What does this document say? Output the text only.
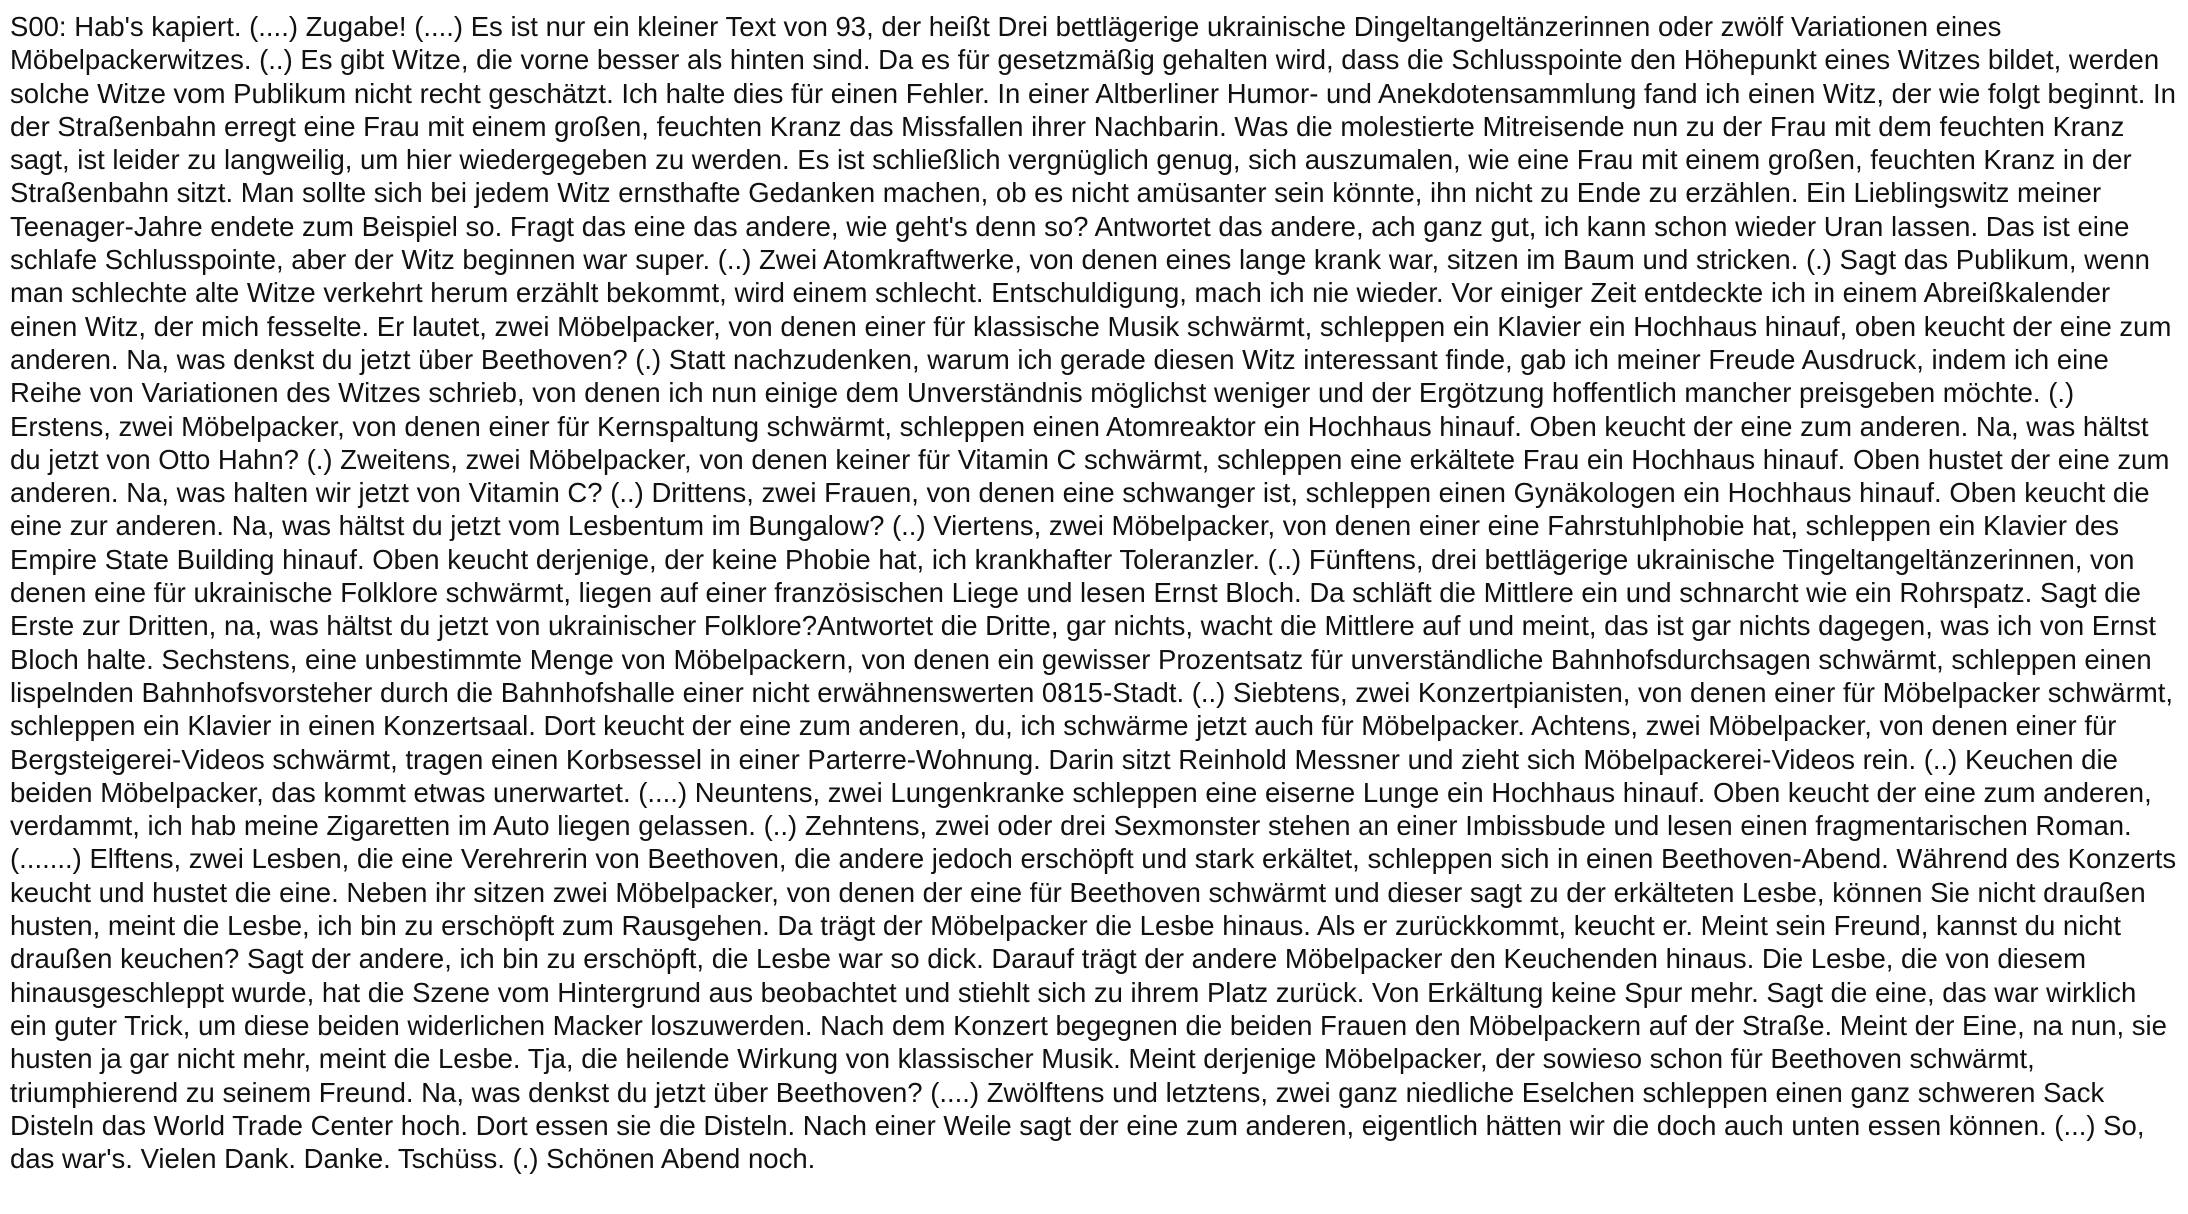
S00: Hab's kapiert. (....) Zugabe! (....) Es ist nur ein kleiner Text von 93, der heißt Drei bettlägerige ukrainische Dingeltangeltänzerinnen oder zwölf Variationen eines Möbelpackerwitzes. (..) Es gibt Witze, die vorne besser als hinten sind. Da es für gesetzmäßig gehalten wird, dass die Schlusspointe den Höhepunkt eines Witzes bildet, werden solche Witze vom Publikum nicht recht geschätzt. Ich halte dies für einen Fehler. In einer Altberliner Humor- und Anekdotensammlung fand ich einen Witz, der wie folgt beginnt. In der Straßenbahn erregt eine Frau mit einem großen, feuchten Kranz das Missfallen ihrer Nachbarin. Was die molestierte Mitreisende nun zu der Frau mit dem feuchten Kranz sagt, ist leider zu langweilig, um hier wiedergegeben zu werden. Es ist schließlich vergnüglich genug, sich auszumalen, wie eine Frau mit einem großen, feuchten Kranz in der Straßenbahn sitzt. Man sollte sich bei jedem Witz ernsthafte Gedanken machen, ob es nicht amüsanter sein könnte, ihn nicht zu Ende zu erzählen. Ein Lieblingswitz meiner Teenager-Jahre endete zum Beispiel so. Fragt das eine das andere, wie geht's denn so? Antwortet das andere, ach ganz gut, ich kann schon wieder Uran lassen. Das ist eine schlafe Schlusspointe, aber der Witz beginnen war super. (..) Zwei Atomkraftwerke, von denen eines lange krank war, sitzen im Baum und stricken. (.) Sagt das Publikum, wenn man schlechte alte Witze verkehrt herum erzählt bekommt, wird einem schlecht. Entschuldigung, mach ich nie wieder. Vor einiger Zeit entdeckte ich in einem Abreißkalender einen Witz, der mich fesselte. Er lautet, zwei Möbelpacker, von denen einer für klassische Musik schwärmt, schleppen ein Klavier ein Hochhaus hinauf, oben keucht der eine zum anderen. Na, was denkst du jetzt über Beethoven? (.) Statt nachzudenken, warum ich gerade diesen Witz interessant finde, gab ich meiner Freude Ausdruck, indem ich eine Reihe von Variationen des Witzes schrieb, von denen ich nun einige dem Unverständnis möglichst weniger und der Ergötzung hoffentlich mancher preisgeben möchte. (.) Erstens, zwei Möbelpacker, von denen einer für Kernspaltung schwärmt, schleppen einen Atomreaktor ein Hochhaus hinauf. Oben keucht der eine zum anderen. Na, was hältst du jetzt von Otto Hahn? (.) Zweitens, zwei Möbelpacker, von denen keiner für Vitamin C schwärmt, schleppen eine erkältete Frau ein Hochhaus hinauf. Oben hustet der eine zum anderen. Na, was halten wir jetzt von Vitamin C? (..) Drittens, zwei Frauen, von denen eine schwanger ist, schleppen einen Gynäkologen ein Hochhaus hinauf. Oben keucht die eine zur anderen. Na, was hältst du jetzt vom Lesbentum im Bungalow? (..) Viertens, zwei Möbelpacker, von denen einer eine Fahrstuhlphobie hat, schleppen ein Klavier des Empire State Building hinauf. Oben keucht derjenige, der keine Phobie hat, ich krankhafter Toleranzler. (..) Fünftens, drei bettlägerige ukrainische Tingeltangeltänzerinnen, von denen eine für ukrainische Folklore schwärmt, liegen auf einer französischen Liege und lesen Ernst Bloch. Da schläft die Mittlere ein und schnarcht wie ein Rohrspatz. Sagt die Erste zur Dritten, na, was hältst du jetzt von ukrainischer Folklore?Antwortet die Dritte, gar nichts, wacht die Mittlere auf und meint, das ist gar nichts dagegen, was ich von Ernst Bloch halte. Sechstens, eine unbestimmte Menge von Möbelpackern, von denen ein gewisser Prozentsatz für unverständliche Bahnhofsdurchsagen schwärmt, schleppen einen lispelnden Bahnhofsvorsteher durch die Bahnhofshalle einer nicht erwähnenswerten 0815-Stadt. (..) Siebtens, zwei Konzertpianisten, von denen einer für Möbelpacker schwärmt, schleppen ein Klavier in einen Konzertsaal. Dort keucht der eine zum anderen, du, ich schwärme jetzt auch für Möbelpacker. Achtens, zwei Möbelpacker, von denen einer für Bergsteigerei-Videos schwärmt, tragen einen Korbsessel in einer Parterre-Wohnung. Darin sitzt Reinhold Messner und zieht sich Möbelpackerei-Videos rein. (..) Keuchen die beiden Möbelpacker, das kommt etwas unerwartet. (....) Neuntens, zwei Lungenkranke schleppen eine eiserne Lunge ein Hochhaus hinauf. Oben keucht der eine zum anderen, verdammt, ich hab meine Zigaretten im Auto liegen gelassen. (..) Zehntens, zwei oder drei Sexmonster stehen an einer Imbissbude und lesen einen fragmentarischen Roman. (.......) Elftens, zwei Lesben, die eine Verehrerin von Beethoven, die andere jedoch erschöpft und stark erkältet, schleppen sich in einen Beethoven-Abend. Während des Konzerts keucht und hustet die eine. Neben ihr sitzen zwei Möbelpacker, von denen der eine für Beethoven schwärmt und dieser sagt zu der erkälteten Lesbe, können Sie nicht draußen husten, meint die Lesbe, ich bin zu erschöpft zum Rausgehen. Da trägt der Möbelpacker die Lesbe hinaus. Als er zurückkommt, keucht er. Meint sein Freund, kannst du nicht draußen keuchen? Sagt der andere, ich bin zu erschöpft, die Lesbe war so dick. Darauf trägt der andere Möbelpacker den Keuchenden hinaus. Die Lesbe, die von diesem hinausgeschleppt wurde, hat die Szene vom Hintergrund aus beobachtet und stiehlt sich zu ihrem Platz zurück. Von Erkältung keine Spur mehr. Sagt die eine, das war wirklich ein guter Trick, um diese beiden widerlichen Macker loszuwerden. Nach dem Konzert begegnen die beiden Frauen den Möbelpackern auf der Straße. Meint der Eine, na nun, sie husten ja gar nicht mehr, meint die Lesbe. Tja, die heilende Wirkung von klassischer Musik. Meint derjenige Möbelpacker, der sowieso schon für Beethoven schwärmt, triumphierend zu seinem Freund. Na, was denkst du jetzt über Beethoven? (....) Zwölftens und letztens, zwei ganz niedliche Eselchen schleppen einen ganz schweren Sack Disteln das World Trade Center hoch. Dort essen sie die Disteln. Nach einer Weile sagt der eine zum anderen, eigentlich hätten wir die doch auch unten essen können. (...) So, das war's. Vielen Dank. Danke. Tschüss. (.) Schönen Abend noch.
